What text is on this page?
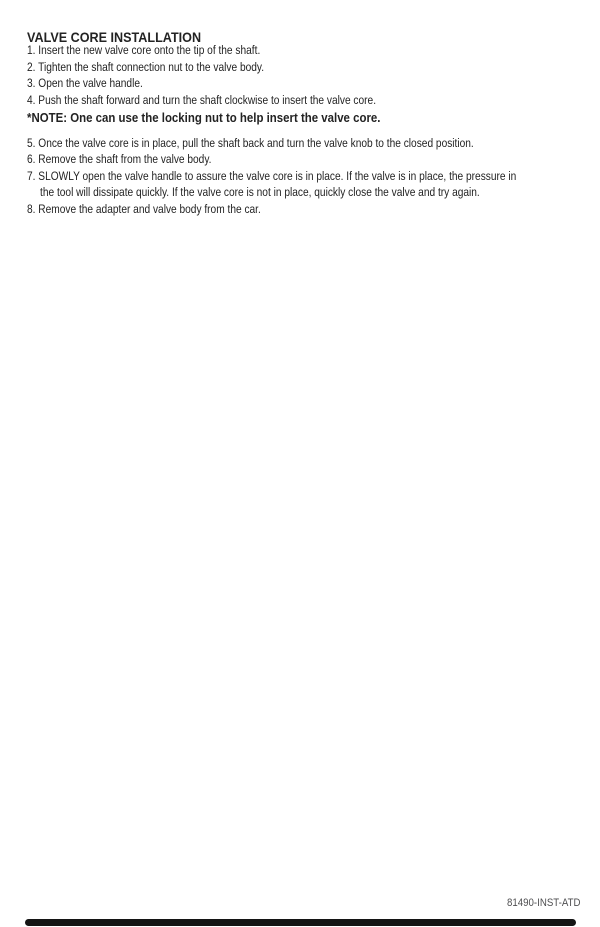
VALVE CORE INSTALLATION
1. Insert the new valve core onto the tip of the shaft.
2. Tighten the shaft connection nut to the valve body.
3. Open the valve handle.
4. Push the shaft forward and turn the shaft clockwise to insert the valve core.
*NOTE: One can use the locking nut to help insert the valve core.
5. Once the valve core is in place, pull the shaft back and turn the valve knob to the closed position.
6. Remove the shaft from the valve body.
7. SLOWLY open the valve handle to assure the valve core is in place. If the valve is in place, the pressure in
the tool will dissipate quickly. If the valve core is not in place, quickly close the valve and try again.
8. Remove the adapter and valve body from the car.
81490-INST-ATD
